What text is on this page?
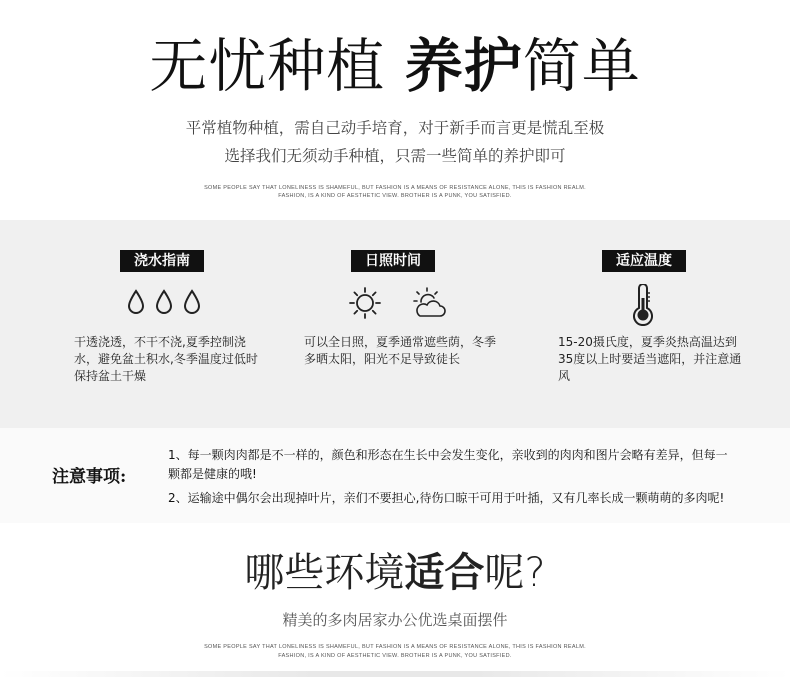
无忧种植 养护简单
平常植物种植，需自己动手培育，对于新手而言更是慌乱至极
选择我们无须动手种植，只需一些简单的养护即可
SOME PEOPLE SAY THAT LONELINESS IS SHAMEFUL, BUT FASHION IS A MEANS OF RESISTANCE ALONE, THIS IS FASHION REALM.
FASHION, IS A KIND OF AESTHETIC VIEW. BROTHER IS A PUNK, YOU SATISFIED.
浇水指南
干透浇透，不干不浇,夏季控制浇水，避免盆土积水,冬季温度过低时保持盆土干燥
日照时间
可以全日照，夏季通常遮些荫，冬季多晒太阳，阳光不足导致徒长
适应温度
15-20摄氏度，夏季炎热高温达到35度以上时要适当遮阳，并注意通风
注意事项:
1、每一颗肉肉都是不一样的，颜色和形态在生长中会发生变化，亲收到的肉肉和图片会略有差异，但每一颗都是健康的哦!
2、运输途中偶尔会出现掉叶片，亲们不要担心,待伤口晾干可用于叶插，又有几率长成一颗萌萌的多肉呢!
哪些环境适合呢?
精美的多肉居家办公优选桌面摆件
SOME PEOPLE SAY THAT LONELINESS IS SHAMEFUL, BUT FASHION IS A MEANS OF RESISTANCE ALONE, THIS IS FASHION REALM.
FASHION, IS A KIND OF AESTHETIC VIEW. BROTHER IS A PUNK, YOU SATISFIED.
